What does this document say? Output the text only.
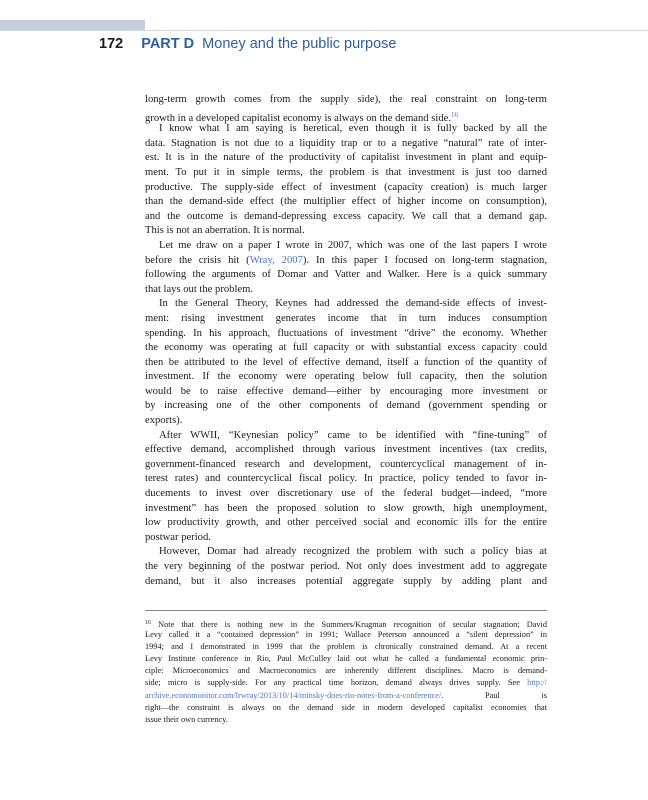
172 PART D Money and the public purpose
long-term growth comes from the supply side), the real constraint on long-term
growth in a developed capitalist economy is always on the demand side.$^{16}$
I know what I am saying is heretical, even though it is fully backed by all the
data. Stagnation is not due to a liquidity trap or to a negative “natural” rate of inter-
est. It is in the nature of the productivity of capitalist investment in plant and equip-
ment. To put it in simple terms, the problem is that investment is just too darned
productive. The supply-side effect of investment (capacity creation) is much larger
than the demand-side effect (the multiplier effect of higher income on consumption),
and the outcome is demand-depressing excess capacity. We call that a demand gap.
This is not an aberration. It is normal.
Let me draw on a paper I wrote in 2007, which was one of the last papers I wrote
before the crisis hit (Wray, 2007). In this paper I focused on long-term stagnation,
following the arguments of Domar and Vatter and Walker. Here is a quick summary
that lays out the problem.
In the General Theory, Keynes had addressed the demand-side effects of invest-
ment: rising investment generates income that in turn induces consumption
spending. In his approach, fluctuations of investment “drive” the economy. Whether
the economy was operating at full capacity or with substantial excess capacity could
then be attributed to the level of effective demand, itself a function of the quantity of
investment. If the economy were operating below full capacity, then the solution
would be to raise effective demand—either by encouraging more investment or
by increasing one of the other components of demand (government spending or
exports).
After WWII, “Keynesian policy” came to be identified with “fine-tuning” of
effective demand, accomplished through various investment incentives (tax credits,
government-financed research and development, countercyclical management of in-
terest rates) and countercyclical fiscal policy. In practice, policy tended to favor in-
ducements to invest over discretionary use of the federal budget—indeed, “more
investment” has been the proposed solution to slow growth, high unemployment,
low productivity growth, and other perceived social and economic ills for the entire
postwar period.
However, Domar had already recognized the problem with such a policy bias at
the very beginning of the postwar period. Not only does investment add to aggregate
demand, but it also increases potential aggregate supply by adding plant and
$^{16}$ Note that there is nothing new in the Summers/Krugman recognition of secular stagnation; David
Levy called it a “contained depression” in 1991; Wallace Peterson announced a “silent depression” in
1994; and I demonstrated in 1999 that the problem is chronically constrained demand. At a recent
Levy Institute conference in Rio, Paul McCulley laid out what he called a fundamental economic prin-
ciple: Microeconomics and Macroeconomics are inherently different disciplines. Macro is demand-
side; micro is supply-side. For any practical time horizon, demand always drives supply. See http://
archive.economonitor.com/lrwray/2013/10/14/minsky-does-rio-notes-from-a-conference/. Paul is
right—the constraint is always on the demand side in modern developed capitalist economies that
issue their own currency.
